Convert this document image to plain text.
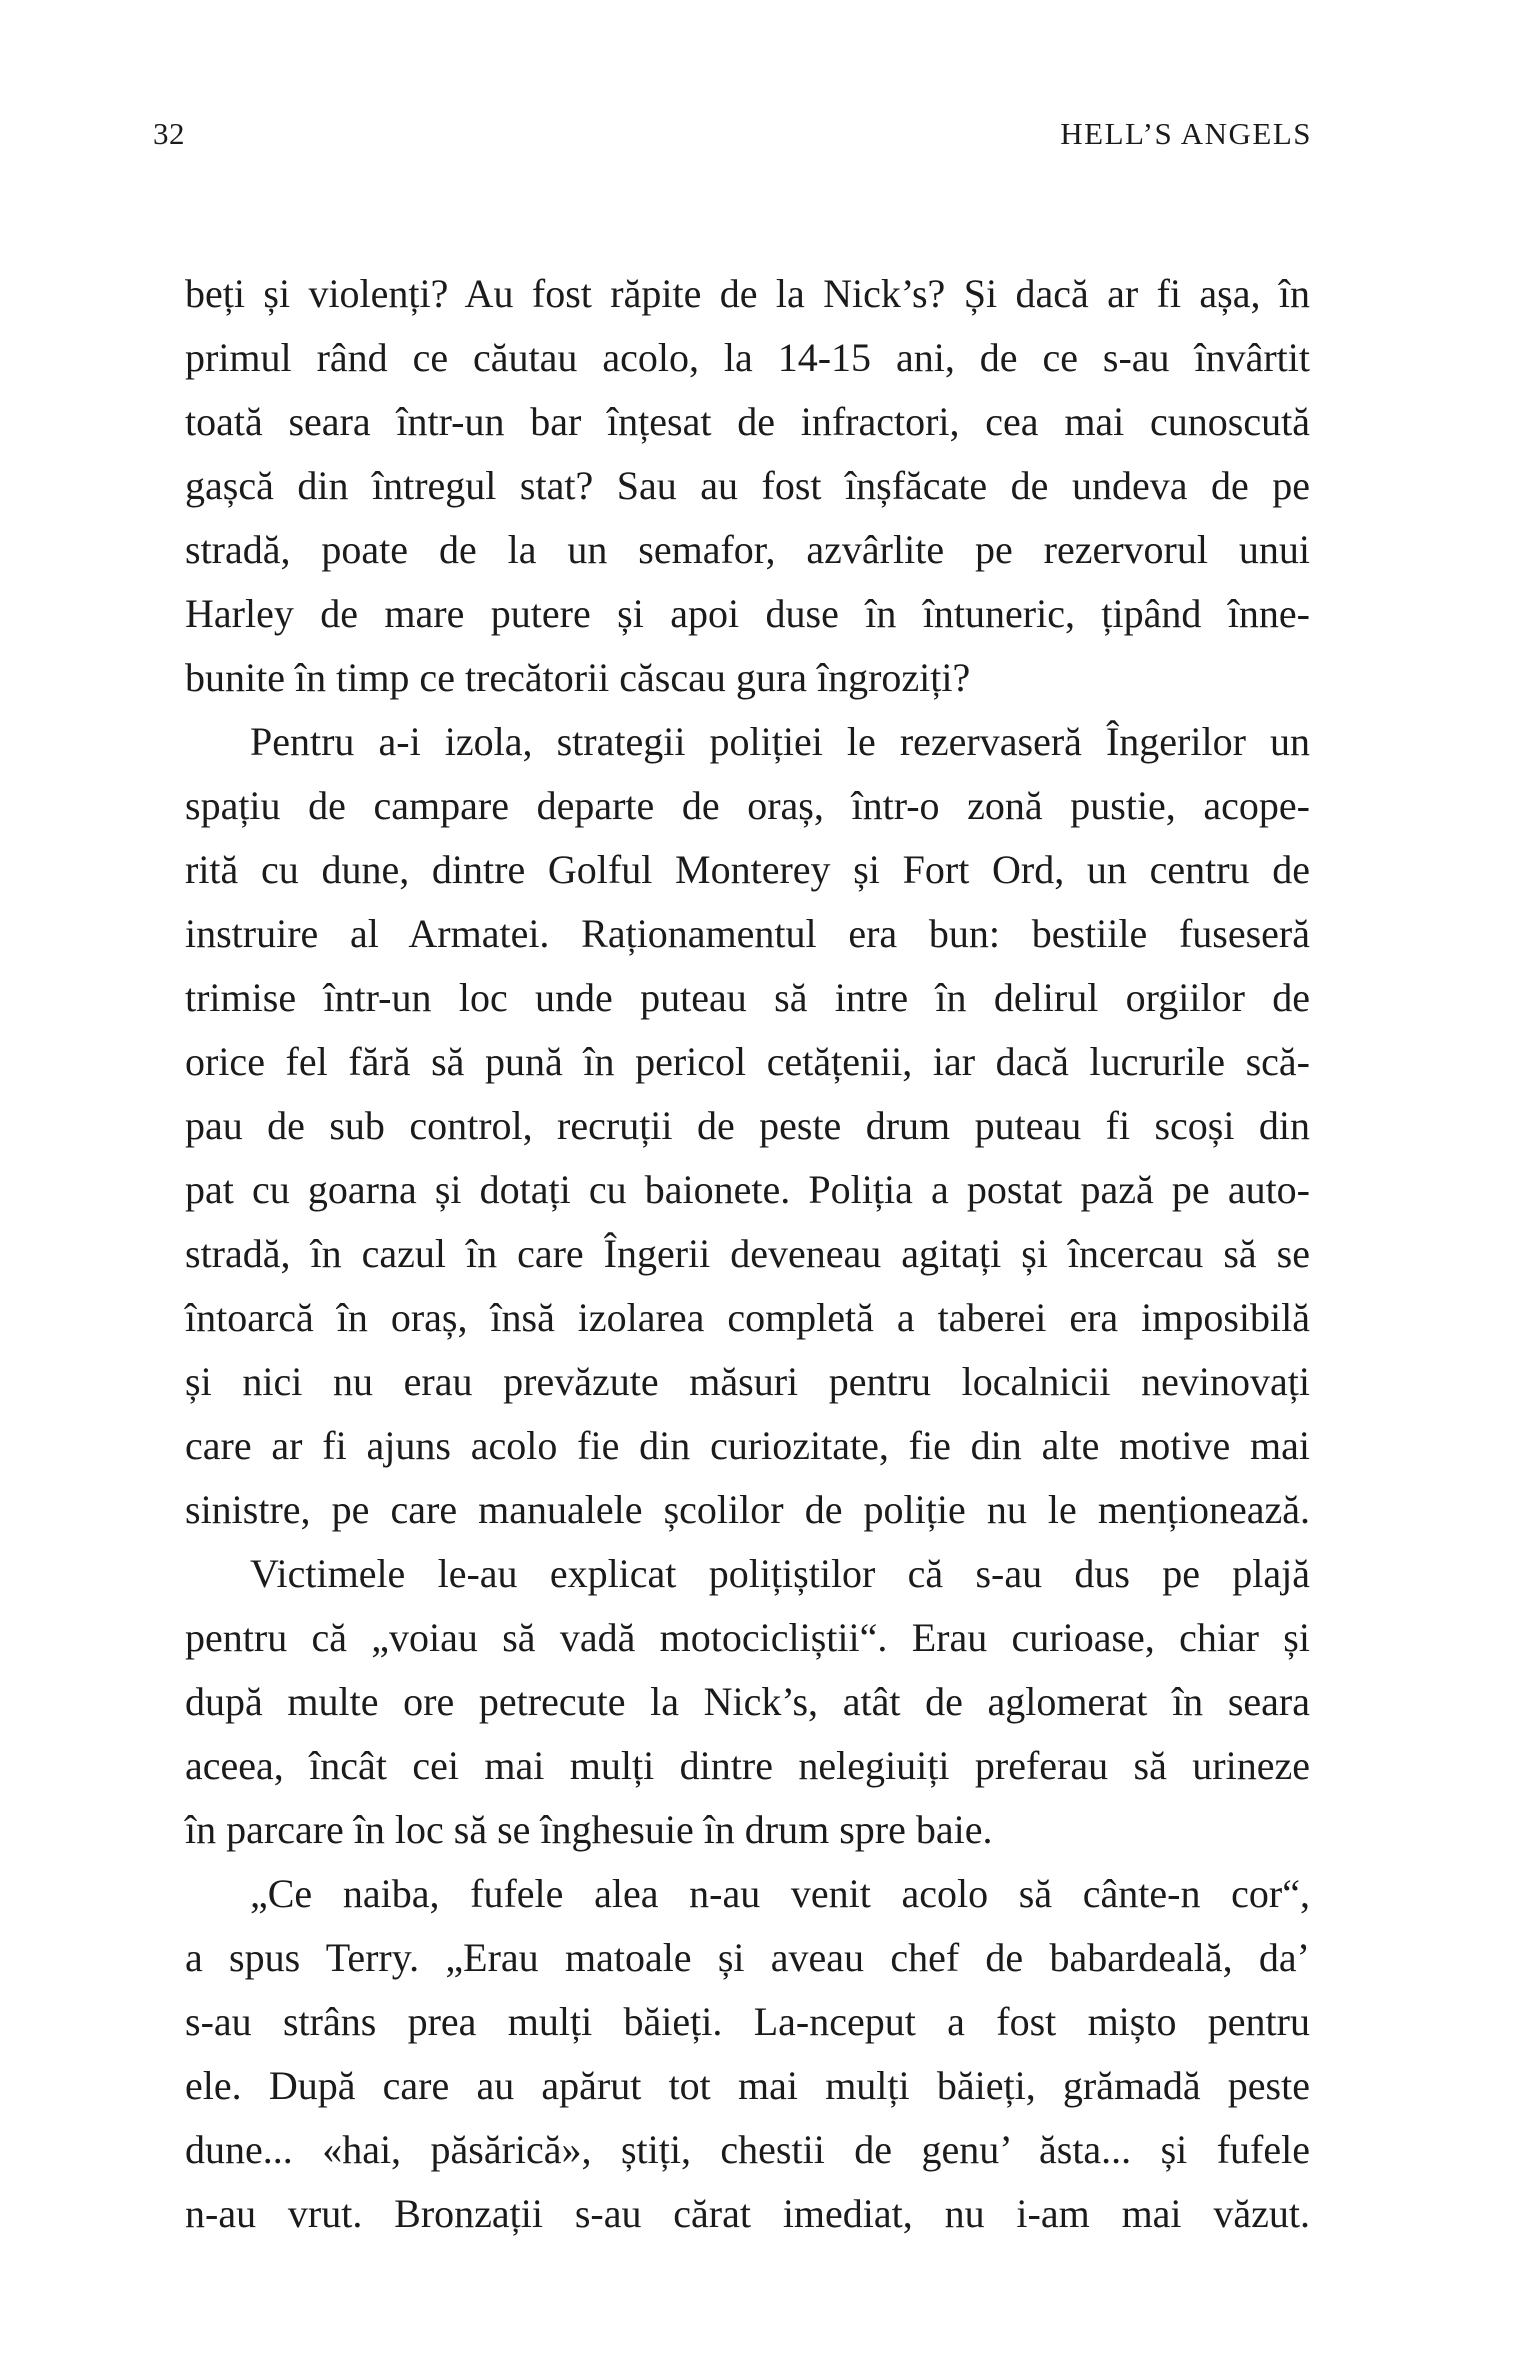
32	HELL’S ANGELS
beți și violenți? Au fost răpite de la Nick’s? Și dacă ar fi așa, în
primul rând ce căutau acolo, la 14-15 ani, de ce s-au învârtit
toată seara într-un bar înțesat de infractori, cea mai cunoscută
gașcă din întregul stat? Sau au fost înșfăcate de undeva de pe
stradă, poate de la un semafor, azvârlite pe rezervorul unui
Harley de mare putere și apoi duse în întuneric, țipând înne-
bunite în timp ce trecătorii căscau gura îngroziți?
Pentru a-i izola, strategii poliției le rezervaseră Îngerilor un
spațiu de campare departe de oraș, într-o zonă pustie, acope-
rită cu dune, dintre Golful Monterey și Fort Ord, un centru de
instruire al Armatei. Raționamentul era bun: bestiile fuseseră
trimise într-un loc unde puteau să intre în delirul orgiilor de
orice fel fără să pună în pericol cetățenii, iar dacă lucrurile scă-
pau de sub control, recruții de peste drum puteau fi scoși din
pat cu goarna și dotați cu baionete. Poliția a postat pază pe auto-
stradă, în cazul în care Îngerii deveneau agitați și încercau să se
întoarcă în oraș, însă izolarea completă a taberei era imposibilă
și nici nu erau prevăzute măsuri pentru localnicii nevinovați
care ar fi ajuns acolo fie din curiozitate, fie din alte motive mai
sinistre, pe care manualele școlilor de poliție nu le menționează.
Victimele le-au explicat polițiștilor că s-au dus pe plajă
pentru că „voiau să vadă motocicliștii“. Erau curioase, chiar și
după multe ore petrecute la Nick’s, atât de aglomerat în seara
aceea, încât cei mai mulți dintre nelegiuiți preferau să urineze
în parcare în loc să se înghesuie în drum spre baie.
„Ce naiba, fufele alea n-au venit acolo să cânte-n cor“,
a spus Terry. „Erau matoale și aveau chef de babardeală, da’
s-au strâns prea mulți băieți. La-nceput a fost mișto pentru
ele. După care au apărut tot mai mulți băieți, grămadă peste
dune... «hai, păsărică», știți, chestii de genu’ ăsta... și fufele
n-au vrut. Bronzații s-au cărat imediat, nu i-am mai văzut.
